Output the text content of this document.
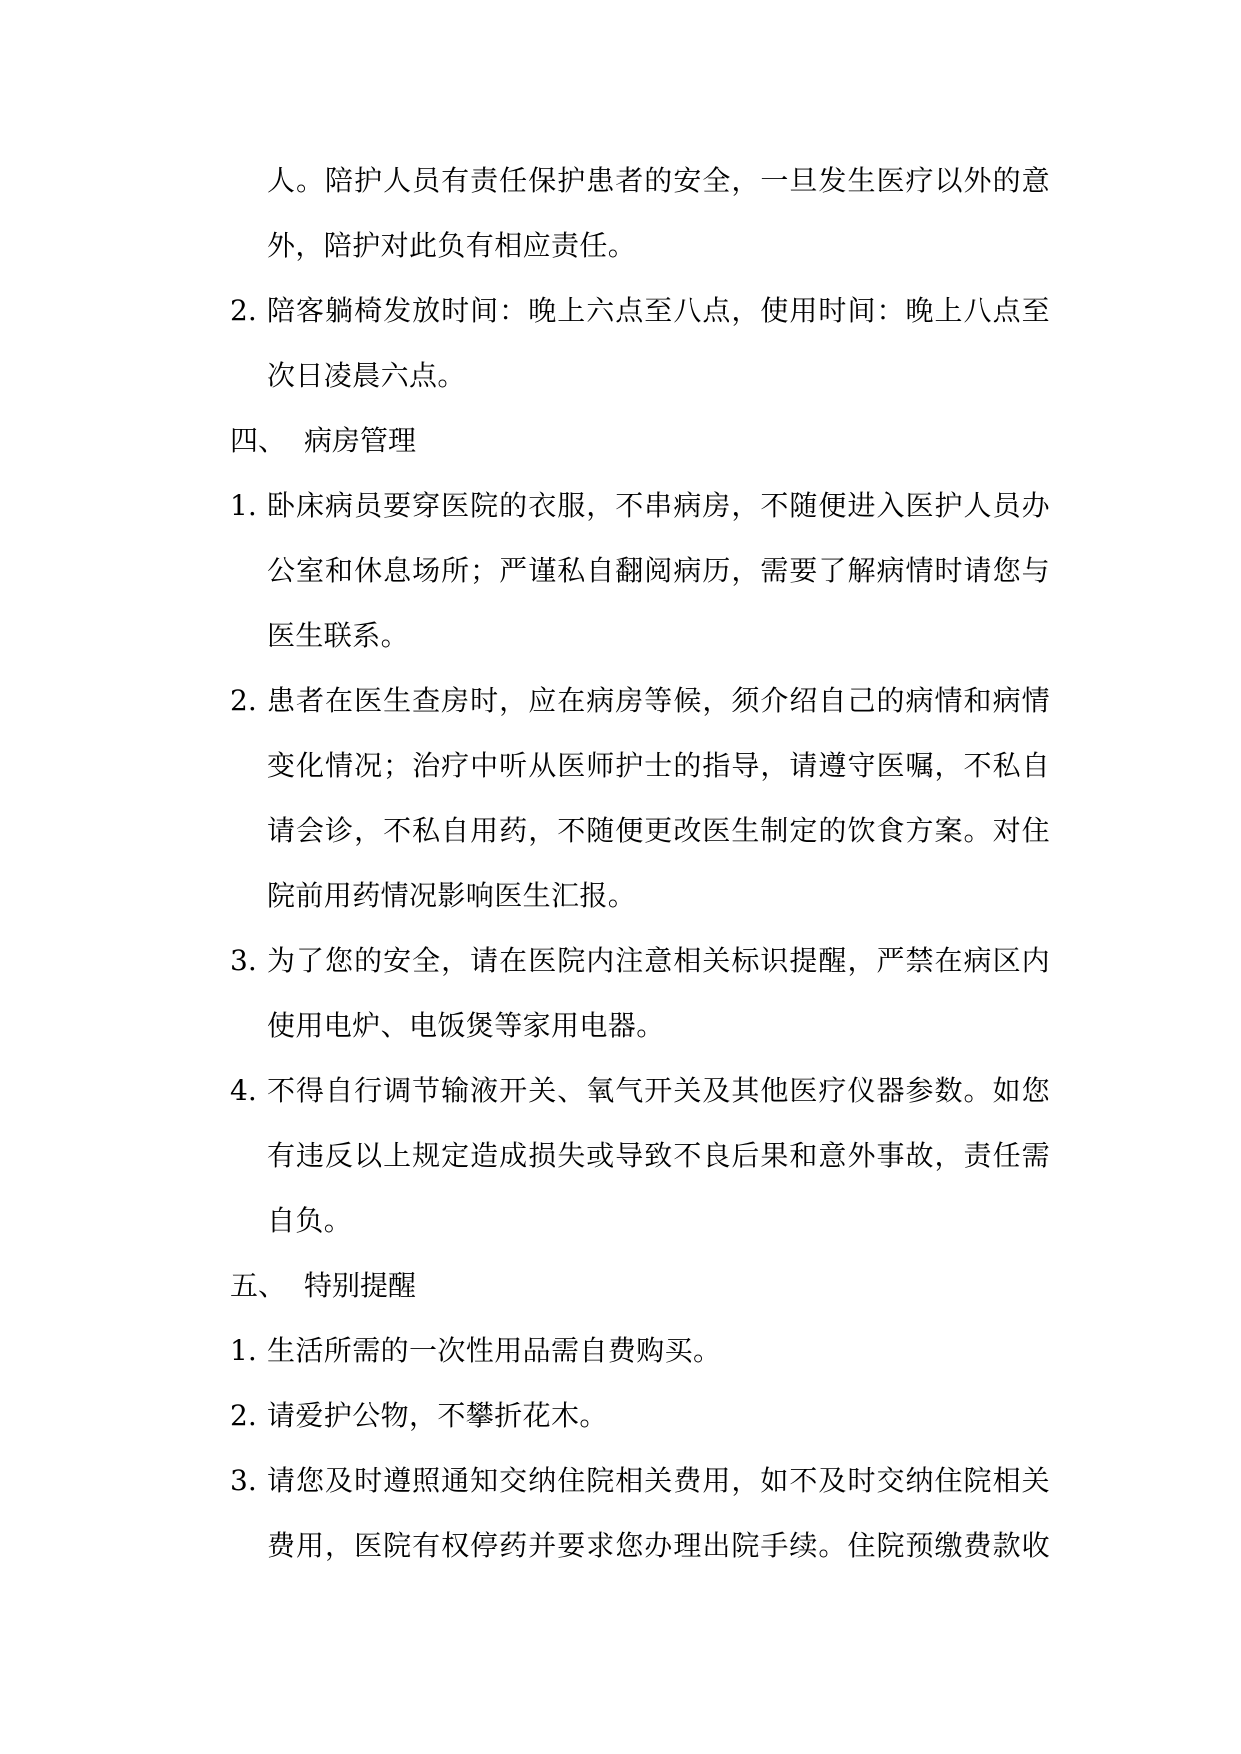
人。陪护人员有责任保护患者的安全，一旦发生医疗以外的意
外，陪护对此负有相应责任。
2. 陪客躺椅发放时间：晚上六点至八点，使用时间：晚上八点至
次日凌晨六点。
四、 病房管理
1. 卧床病员要穿医院的衣服，不串病房，不随便进入医护人员办
公室和休息场所；严谨私自翻阅病历，需要了解病情时请您与
医生联系。
2. 患者在医生查房时，应在病房等候，须介绍自己的病情和病情
变化情况；治疗中听从医师护士的指导，请遵守医嘱，不私自
请会诊，不私自用药，不随便更改医生制定的饮食方案。对住
院前用药情况影响医生汇报。
3. 为了您的安全，请在医院内注意相关标识提醒，严禁在病区内
使用电炉、电饭煲等家用电器。
4. 不得自行调节输液开关、氧气开关及其他医疗仪器参数。如您
有违反以上规定造成损失或导致不良后果和意外事故，责任需
自负。
五、 特别提醒
1. 生活所需的一次性用品需自费购买。
2. 请爱护公物，不攀折花木。
3. 请您及时遵照通知交纳住院相关费用，如不及时交纳住院相关
费用，医院有权停药并要求您办理出院手续。住院预缴费款收
